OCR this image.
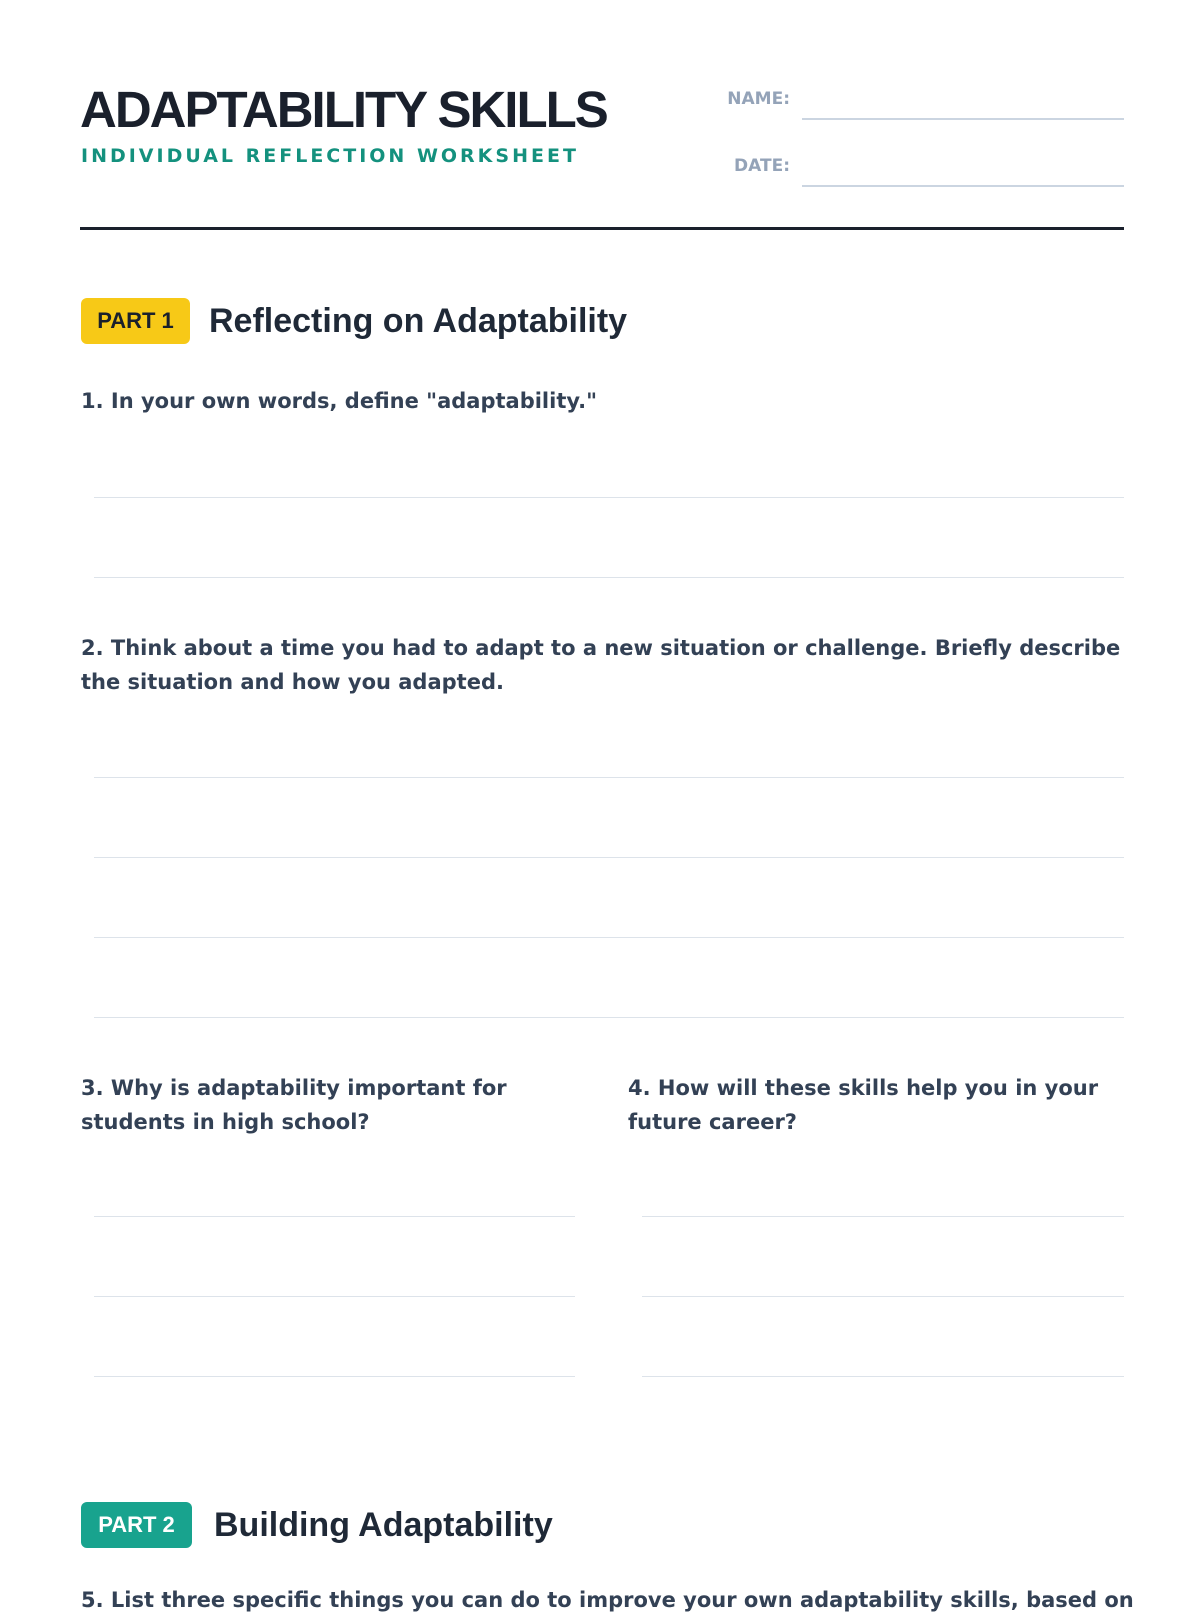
ADAPTABILITY SKILLS
INDIVIDUAL REFLECTION WORKSHEET
NAME:
DATE:
PART 1	Reflecting on Adaptability

1. In your own words, define "adaptability."

2. Think about a time you had to adapt to a new situation or challenge. Briefly describe the situation and how you adapted.

3. Why is adaptability important for students in high school?

4. How will these skills help you in your future career?

PART 2	Building Adaptability

5. List three specific things you can do to improve your own adaptability skills, based on
